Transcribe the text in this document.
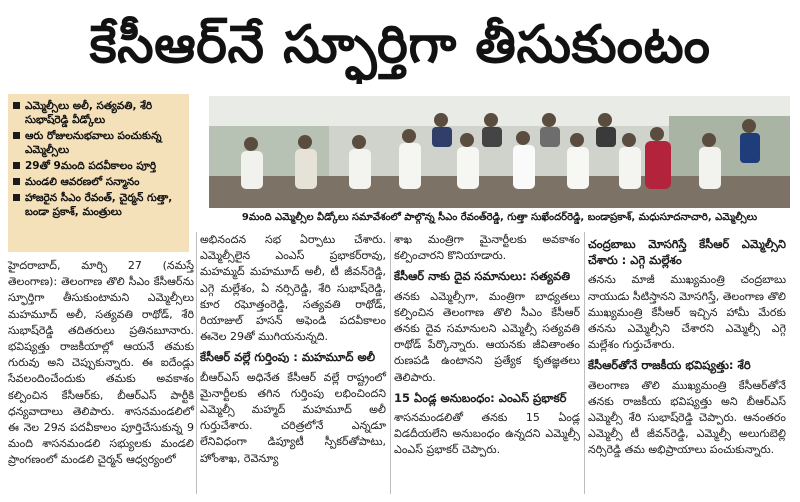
కేసీఆర్‌నే స్ఫూర్తిగా తీసుకుంటం
ఎమ్మెల్సీలు అలీ, సత్యవతి, శేరి సుభాష్‌రెడ్డి వీడ్కోలు
ఆరు రోజులనుభవాలు పంచుకున్న ఎమ్మెల్సీలు
29తో 9మంది పదవీకాలం పూర్తి
మండలి ఆవరణలో సన్మానం
హాజరైన సీఎం రేవంత్, చైర్మన్ గుత్తా, బండా ప్రకాశ్, మంత్రులు	9మంది ఎమ్మెల్సీల వీడ్కోలు సమావేశంలో పాల్గొన్న సీఎం రేవంత్‌రెడ్డి, గుత్తా సుఖేందర్‌రెడ్డి, బండాప్రకాశ్, మధుసూదనాచారి, ఎమ్మెల్సీలు

హైదరాబాద్, మార్చి 27 (నమస్తే తెలంగాణ): తెలంగాణ తొలి సీఎం కేసీఆర్‌ను స్ఫూర్తిగా తీసుకుంటామని ఎమ్మెల్సీలు మహమూద్ అలీ, సత్యవతి రాథోడ్, శేరి సుభాష్‌రెడ్డి తదితరులు ప్రతినబూనారు. భవిష్యత్తు రాజకీయాల్లో ఆయనే తమకు గురువు అని చెప్పుకున్నారు. ఈ ఐదేండ్లు సేవలందించేందుకు తమకు అవకాశం కల్పించిన కేసీఆర్‌కు, బీఆర్‌ఎస్ పార్టీకి ధన్యవాదాలు తెలిపారు. శాసనమండలిలో ఈ నెల 29న పదవీకాలం పూర్తిచేసుకున్న 9 మంది శాసనమండలి సభ్యులకు మండలి ప్రాంగణంలో మండలి చైర్మన్ ఆధ్వర్యంలో

అభినందన సభ ఏర్పాటు చేశారు. ఎమ్మెల్సీలైన ఎంఎస్ ప్రభాకర్‌రావు, మహమ్మద్ మహమూద్ అలీ, టీ జీవన్‌రెడ్డి, ఎగ్గె మల్లేశం, ఏ నర్సిరెడ్డి, శేరి సుభాష్‌రెడ్డి, కూర రఘోత్తంరెడ్డి, సత్యవతి రాథోడ్, రియాజుల్ హసన్ అఫెండి పదవీకాలం ఈనెల 29తో ముగియనున్నది.

కేసీఆర్ వల్లే గుర్తింపు : మహమూద్ అలీ

బీఆర్‌ఎస్ అధినేత కేసీఆర్ వల్లే రాష్ట్రంలో మైనార్టీలకు తగిన గుర్తింపు లభించిందని ఎమ్మెల్సీ మహ్మద్ మహమూద్ అలీ గుర్తుచేశారు. చరిత్రలోనే ఎన్నడూ లేనివిధంగా డిప్యూటీ స్పీకర్‌తోపాటు, హోంశాఖ, రెవెన్యూ

శాఖ మంత్రిగా మైనార్టీలకు అవకాశం కల్పించారని కొనియాడారు.

కేసీఆర్ నాకు దైవ సమానులు: సత్యవతి

తనకు ఎమ్మెల్సీగా, మంత్రిగా బాధ్యతలు కల్పించిన తెలంగాణ తొలి సీఎం కేసీఆర్ తనకు దైవ సమానులని ఎమ్మెల్సీ సత్యవతి రాథోడ్ పేర్కొన్నారు. ఆయనకు జీవితాంతం రుణపడి ఉంటానని ప్రత్యేక కృతజ్ఞతలు తెలిపారు.

15 ఏండ్ల అనుబంధం: ఎంఎస్ ప్రభాకర్

శాసనమండలితో తనకు 15 ఏండ్ల విడదీయలేని అనుబంధం ఉన్నదని ఎమ్మెల్సీ ఎంఎస్ ప్రభాకర్ చెప్పారు.

చంద్రబాబు మోసగిస్తే కేసీఆర్ ఎమ్మెల్సీని చేశారు : ఎగ్గె మల్లేశం

తనను మాజీ ముఖ్యమంత్రి చంద్రబాబు నాయుడు సీటిస్తానని మోసగిస్తే, తెలంగాణ తొలి ముఖ్యమంత్రి కేసీఆర్ ఇచ్చిన హామీ మేరకు తనను ఎమ్మెల్సీని చేశారని ఎమ్మెల్సీ ఎగ్గె మల్లేశం గుర్తుచేశారు.

కేసీఆర్‌తోనే రాజకీయ భవిష్యత్తు: శేరి

తెలంగాణ తొలి ముఖ్యమంత్రి కేసీఆర్‌తోనే తనకు రాజకీయ భవిష్యత్తు అని బీఆర్‌ఎస్ ఎమ్మెల్సీ శేరి సుభాష్‌రెడ్డి చెప్పారు. ఆనంతరం ఎమ్మెల్సీ టీ జీవన్‌రెడ్డి, ఎమ్మెల్సీ అలుగుబెల్లి నర్సిరెడ్డి తమ అభిప్రాయాలు పంచుకున్నారు.
